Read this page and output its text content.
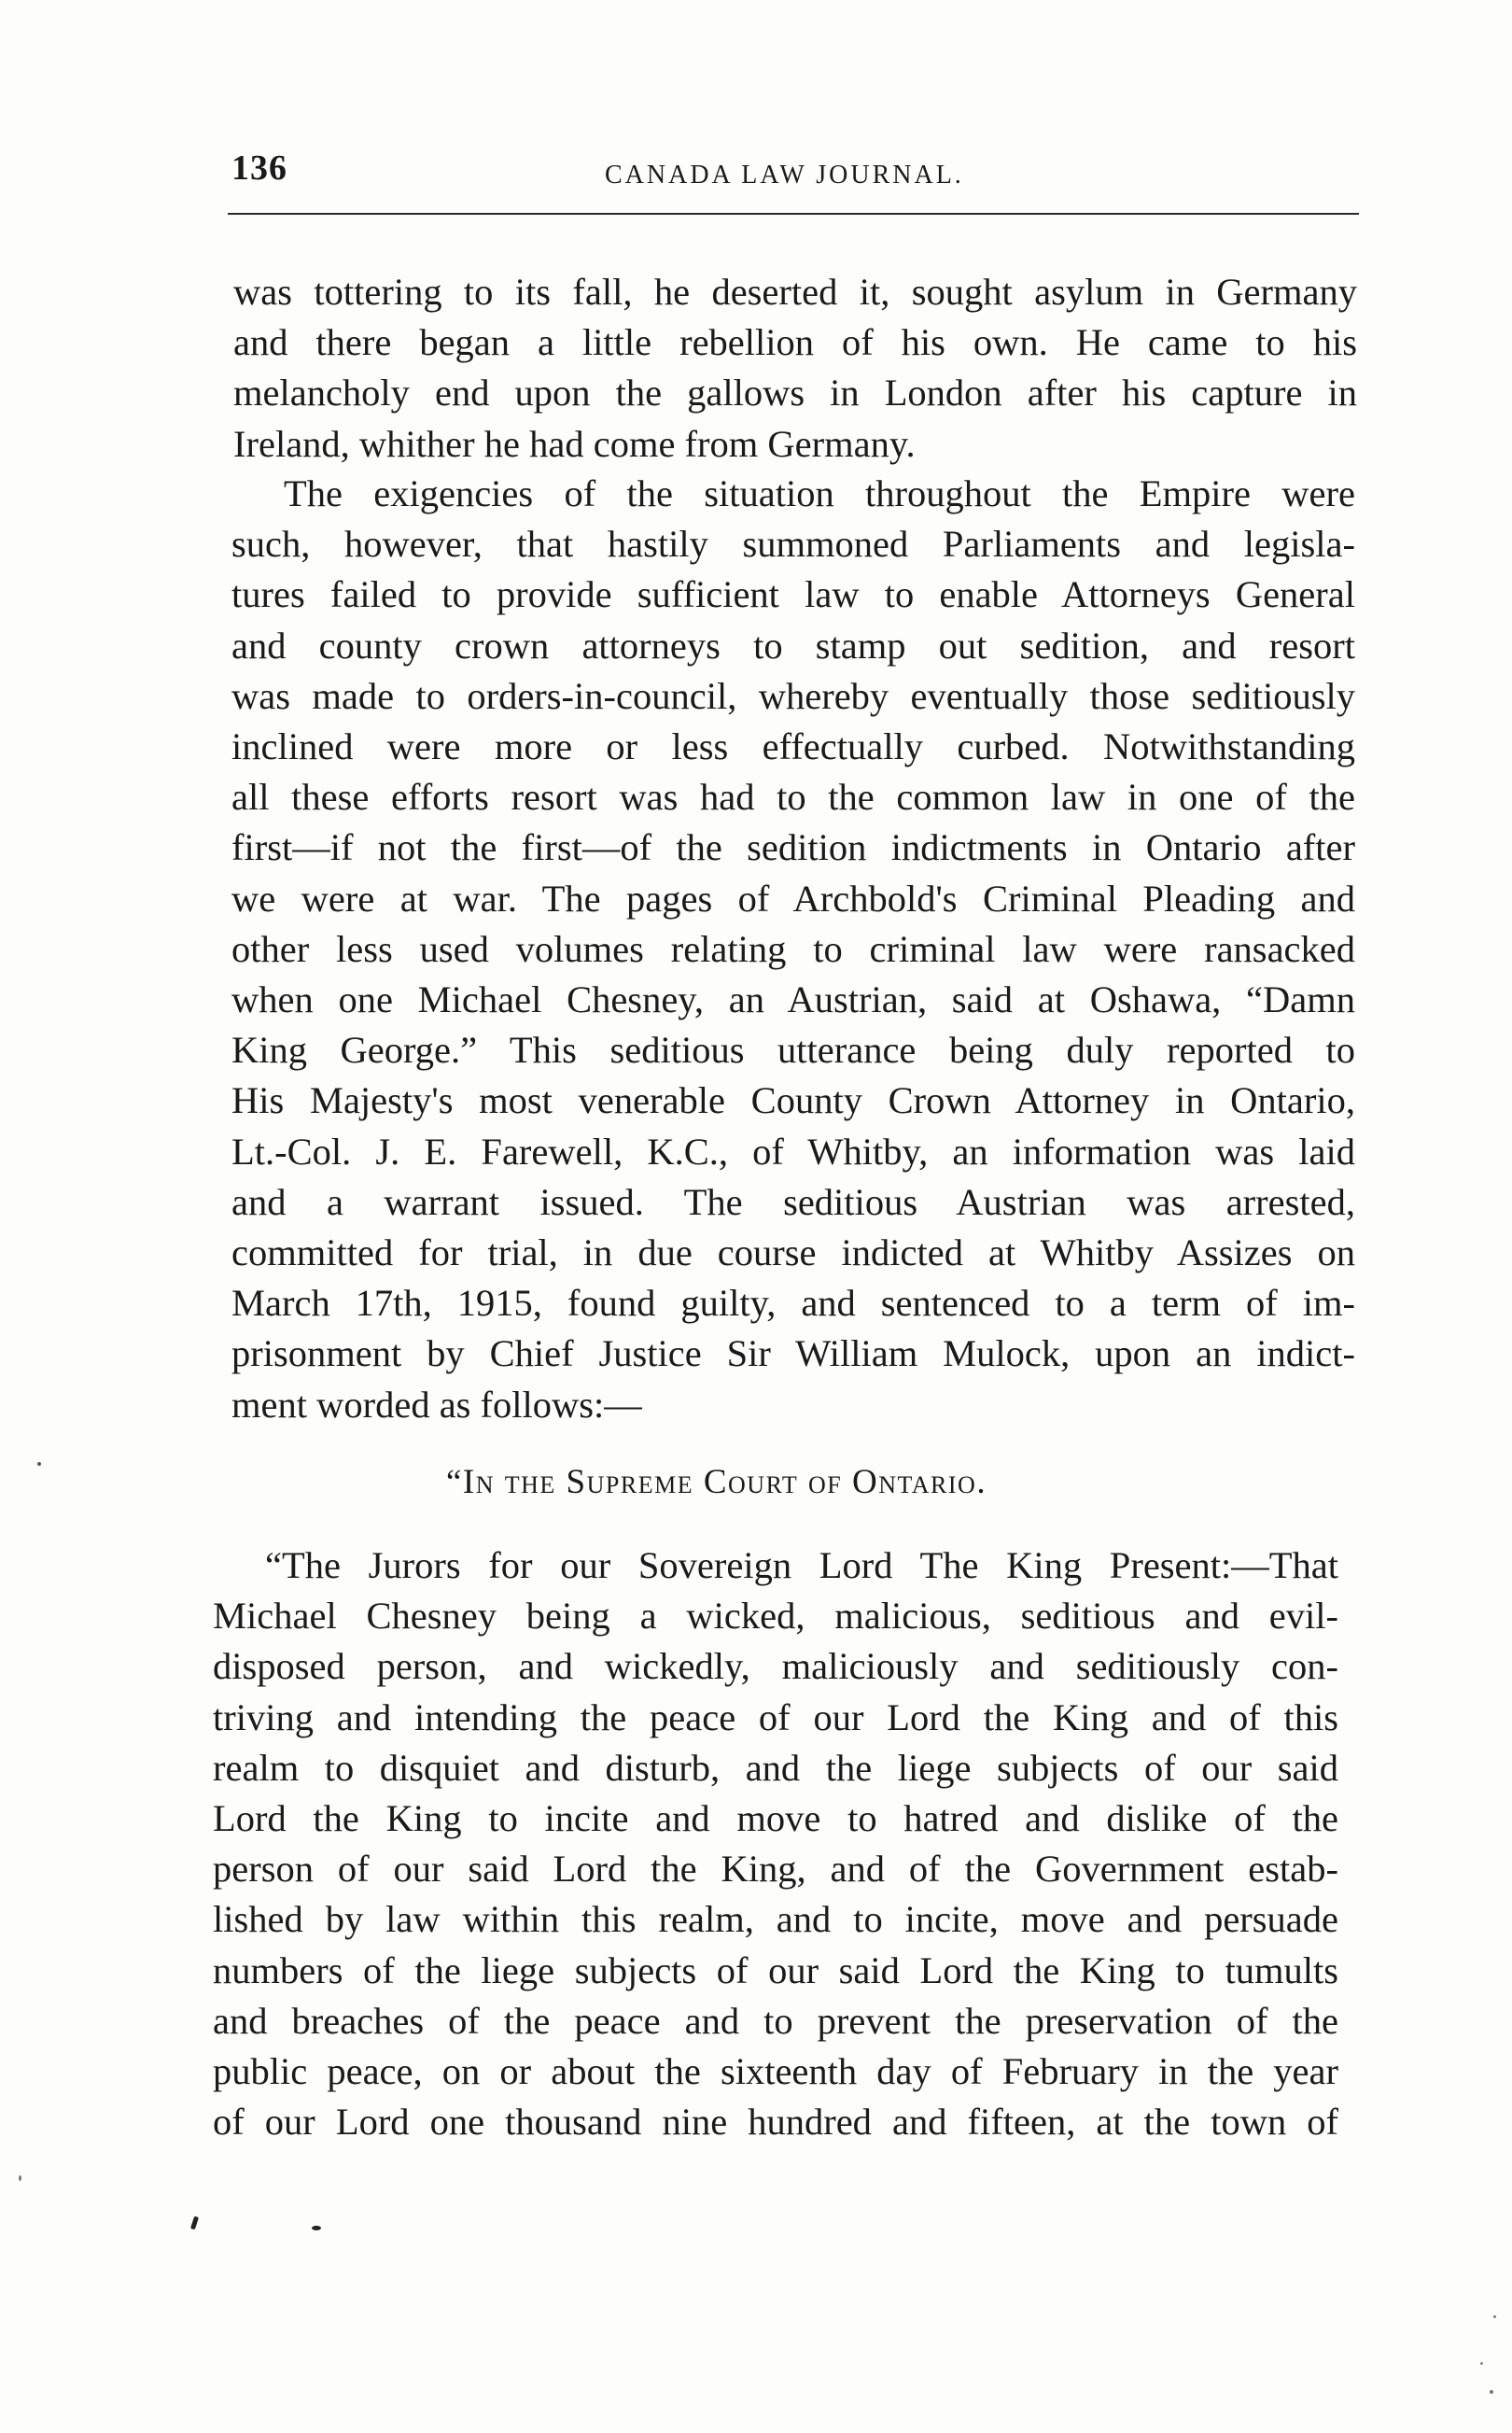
136	CANADA LAW JOURNAL.
was tottering to its fall, he deserted it, sought asylum in Germany
and there began a little rebellion of his own. He came to his
melancholy end upon the gallows in London after his capture in
Ireland, whither he had come from Germany.
The exigencies of the situation throughout the Empire were
such, however, that hastily summoned Parliaments and legisla-
tures failed to provide sufficient law to enable Attorneys General
and county crown attorneys to stamp out sedition, and resort
was made to orders-in-council, whereby eventually those seditiously
inclined were more or less effectually curbed. Notwithstanding
all these efforts resort was had to the common law in one of the
first—if not the first—of the sedition indictments in Ontario after
we were at war. The pages of Archbold's Criminal Pleading and
other less used volumes relating to criminal law were ransacked
when one Michael Chesney, an Austrian, said at Oshawa, “Damn
King George.” This seditious utterance being duly reported to
His Majesty's most venerable County Crown Attorney in Ontario,
Lt.-Col. J. E. Farewell, K.C., of Whitby, an information was laid
and a warrant issued. The seditious Austrian was arrested,
committed for trial, in due course indicted at Whitby Assizes on
March 17th, 1915, found guilty, and sentenced to a term of im-
prisonment by Chief Justice Sir William Mulock, upon an indict-
ment worded as follows:—
“In the Supreme Court of Ontario.
“The Jurors for our Sovereign Lord The King Present:—That
Michael Chesney being a wicked, malicious, seditious and evil-
disposed person, and wickedly, maliciously and seditiously con-
triving and intending the peace of our Lord the King and of this
realm to disquiet and disturb, and the liege subjects of our said
Lord the King to incite and move to hatred and dislike of the
person of our said Lord the King, and of the Government estab-
lished by law within this realm, and to incite, move and persuade
numbers of the liege subjects of our said Lord the King to tumults
and breaches of the peace and to prevent the preservation of the
public peace, on or about the sixteenth day of February in the year
of our Lord one thousand nine hundred and fifteen, at the town of
